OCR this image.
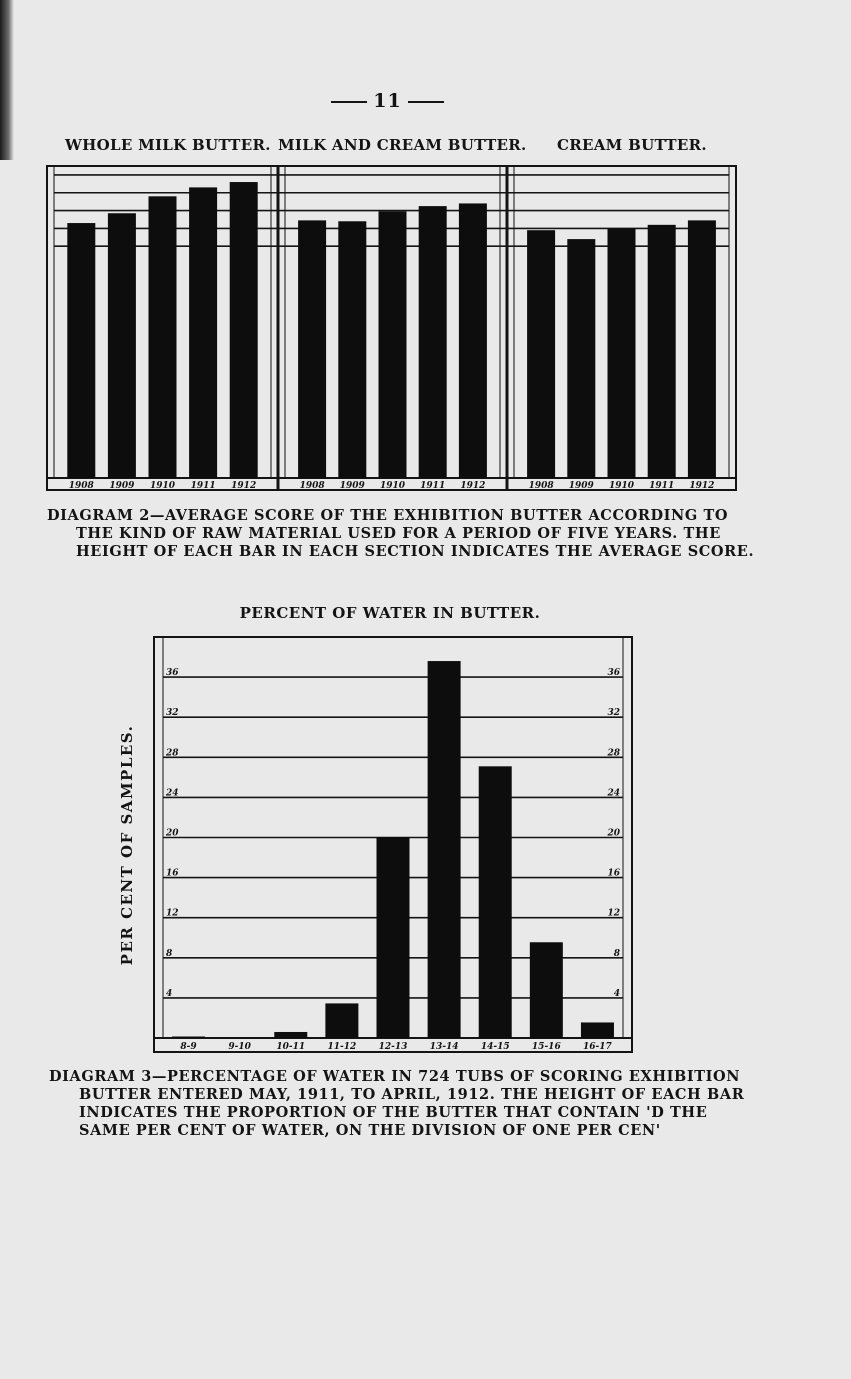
11
WHOLE MILK BUTTER. MILK AND CREAM BUTTER. CREAM BUTTER.
1908 1909 1910 1911 1912	1908 1909 1910 1911 1912	1908 1909 1910 1911 1912
DIAGRAM 2—AVERAGE SCORE OF THE EXHIBITION BUTTER ACCORDING TO
THE KIND OF RAW MATERIAL USED FOR A PERIOD OF FIVE YEARS. THE
HEIGHT OF EACH BAR IN EACH SECTION INDICATES THE AVERAGE SCORE.
PERCENT OF WATER IN BUTTER.
PER CENT OF SAMPLES.
4	4
8	8
12	12
16	16
20	20
24	24
28	28
32	32
36	36
8-9	9-10	10-11 11-12 12-13 13-14 14-15 15-16 16-17
DIAGRAM 3—PERCENTAGE OF WATER IN 724 TUBS OF SCORING EXHIBITION
BUTTER ENTERED MAY, 1911, TO APRIL, 1912. THE HEIGHT OF EACH BAR
INDICATES THE PROPORTION OF THE BUTTER THAT CONTAIN 'D THE
SAME PER CENT OF WATER, ON THE DIVISION OF ONE PER CEN'
